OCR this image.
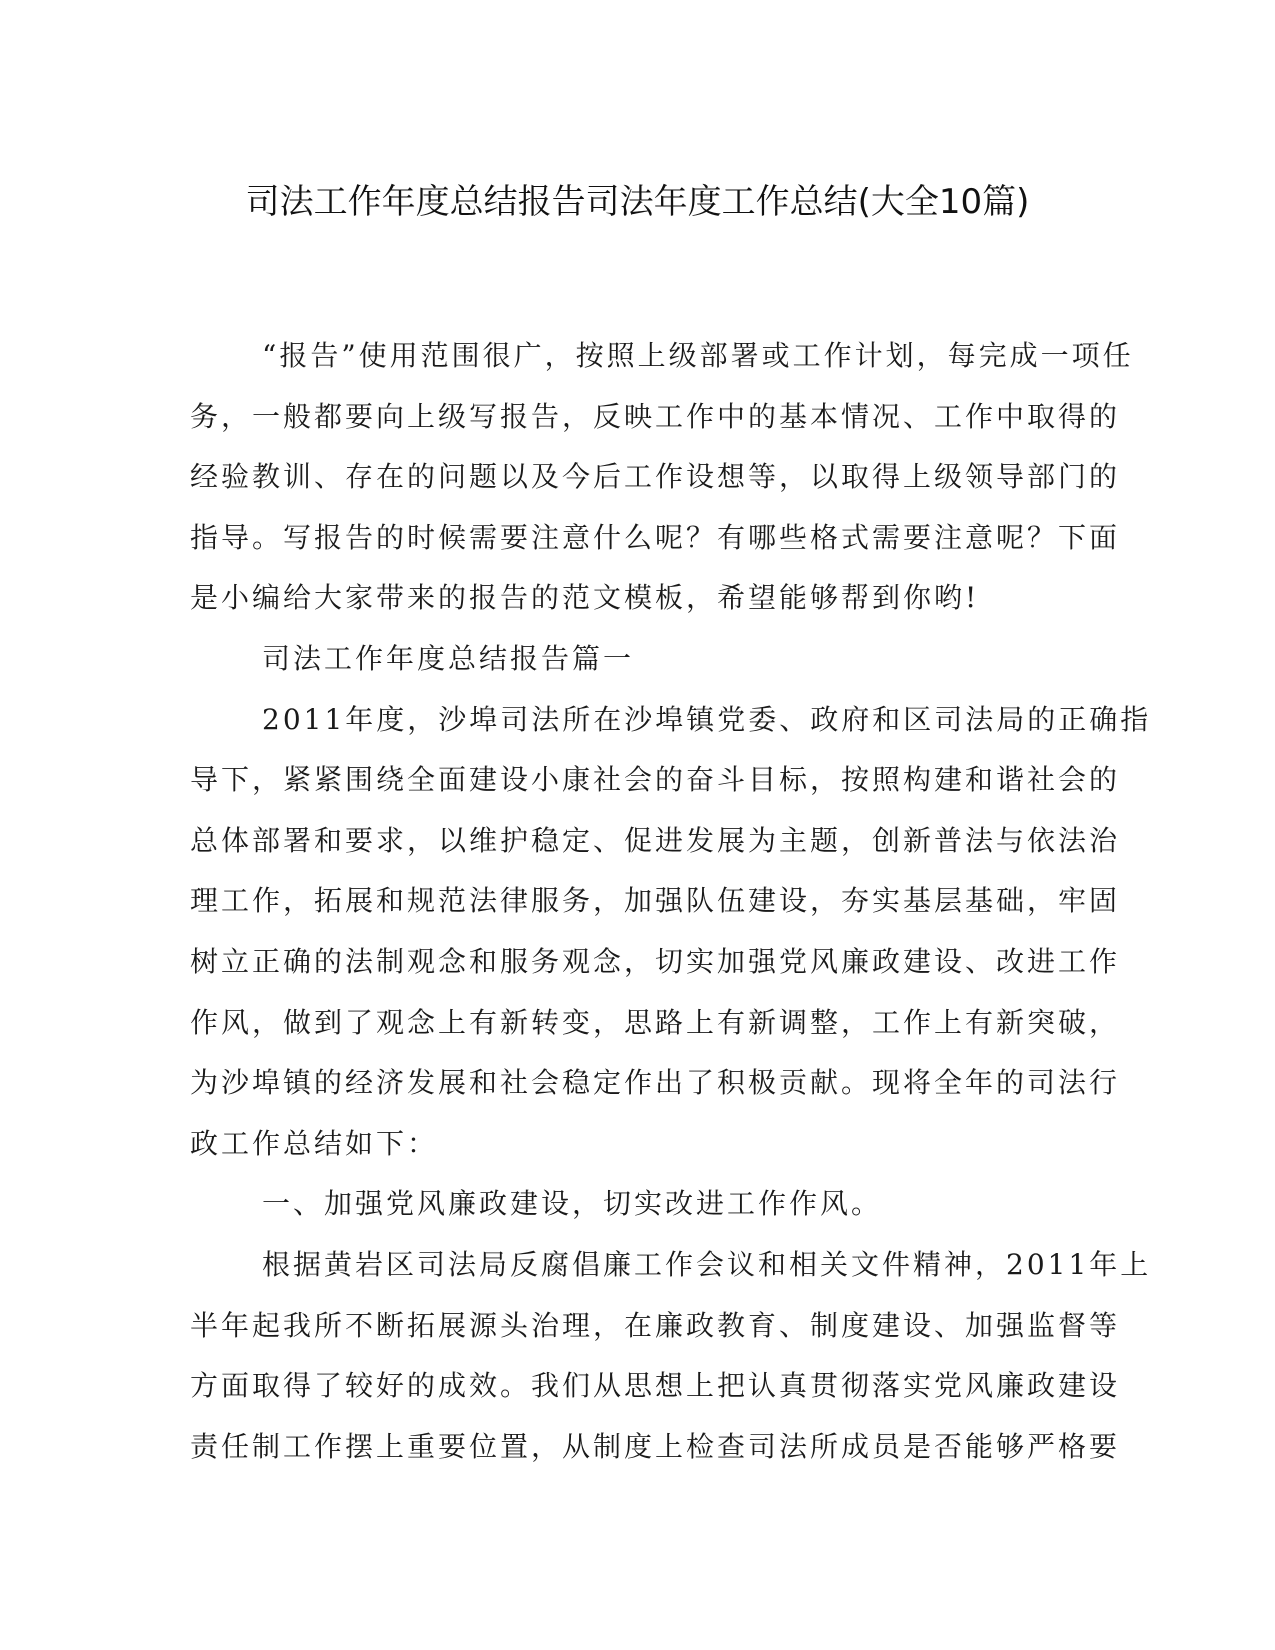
司法工作年度总结报告司法年度工作总结(大全10篇)
“报告”使用范围很广，按照上级部署或工作计划，每完成一项任
务，一般都要向上级写报告，反映工作中的基本情况、工作中取得的
经验教训、存在的问题以及今后工作设想等，以取得上级领导部门的
指导。写报告的时候需要注意什么呢？有哪些格式需要注意呢？下面
是小编给大家带来的报告的范文模板，希望能够帮到你哟!
司法工作年度总结报告篇一
2011年度，沙埠司法所在沙埠镇党委、政府和区司法局的正确指
导下，紧紧围绕全面建设小康社会的奋斗目标，按照构建和谐社会的
总体部署和要求，以维护稳定、促进发展为主题，创新普法与依法治
理工作，拓展和规范法律服务，加强队伍建设，夯实基层基础，牢固
树立正确的法制观念和服务观念，切实加强党风廉政建设、改进工作
作风，做到了观念上有新转变，思路上有新调整，工作上有新突破，
为沙埠镇的经济发展和社会稳定作出了积极贡献。现将全年的司法行
政工作总结如下：
一、加强党风廉政建设，切实改进工作作风。
根据黄岩区司法局反腐倡廉工作会议和相关文件精神，2011年上
半年起我所不断拓展源头治理，在廉政教育、制度建设、加强监督等
方面取得了较好的成效。我们从思想上把认真贯彻落实党风廉政建设
责任制工作摆上重要位置，从制度上检查司法所成员是否能够严格要
